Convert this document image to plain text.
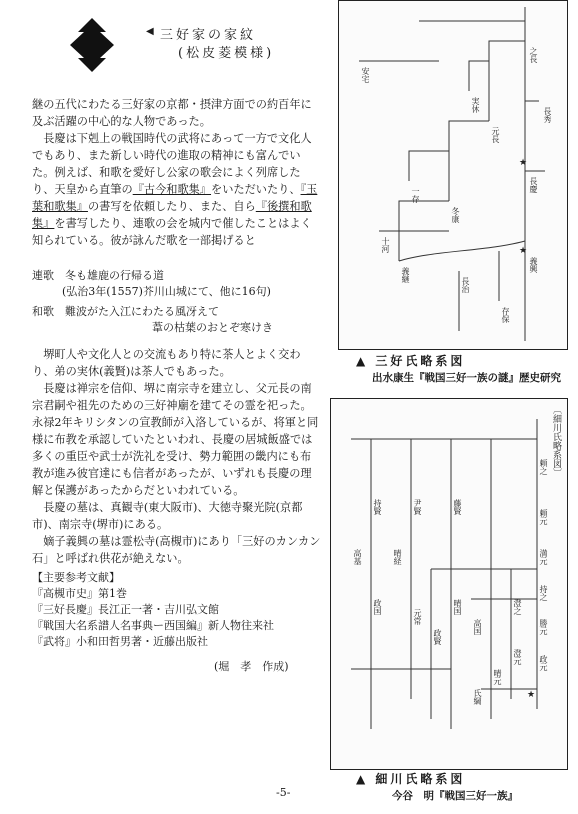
◀ 三好家の家紋
(松皮菱模様)

継の五代にわたる三好家の京都・摂津方面での約百年に及ぶ活躍の中心的な人物であった。

長慶は下剋上の戦国時代の武将にあって一方で文化人でもあり、また新しい時代の進取の精神にも富んでいた。例えば、和歌を愛好し公家の歌会によく列席したり、天皇から直筆の『古今和歌集』をいただいたり、『玉葉和歌集』の書写を依頼したり、また、自ら『後撰和歌集』を書写したり、連歌の会を城内で催したことはよく知られている。彼が詠んだ歌を一部掲げると

連歌　 冬も雄鹿の行帰る道
(弘治3年(1557)芥川山城にて、他に16句)
和歌　 難波がた入江にわたる風冴えて
葦の枯葉のおとぞ寒けき

堺町人や文化人との交流もあり特に茶人とよく交わり、弟の実休(義賢)は茶人でもあった。

長慶は禅宗を信仰、堺に南宗寺を建立し、父元長の南宗君嗣や祖先のための三好神廟を建てその霊を祀った。永禄2年キリシタンの宣教師が入洛しているが、将軍と同様に布教を承認していたといわれ、長慶の居城飯盛では多くの重臣や武士が洗礼を受け、勢力範囲の畿内にも布教が進み彼官達にも信者があったが、いずれも長慶の理解と保護があったからだといわれている。

長慶の墓は、真観寺(東大阪市)、大徳寺聚光院(京都市)、南宗寺(堺市)にある。

嫡子義興の墓は霊松寺(高槻市)にあり「三好のカンカン石」と呼ばれ供花が絶えない。

【主要参考文献】
『高槻市史』第1巻
『三好長慶』長江正一著・吉川弘文館
『戦国大名系譜人名事典ー西国編』新人物往来社
『武将』小和田哲男著・近藤出版社
(堀　孝　作成)
★
★
之長
長秀
長慶
元長
実休
冬康
一存
義継
義興
長治
存保
十河
安宅
▲ 三好氏略系図
出水康生『戦国三好一族の謎』歴史研究
〔細川氏略系図〕
★
頼之
頼元
満元
持之
勝元
政元
澄之
澄元
晴元
高国
氏綱
藤賢
晴国
政賢
尹賢
元常
晴経
持賢
政国
高基
▲ 細川氏略系図
今谷　明『戦国三好一族』
-5-
